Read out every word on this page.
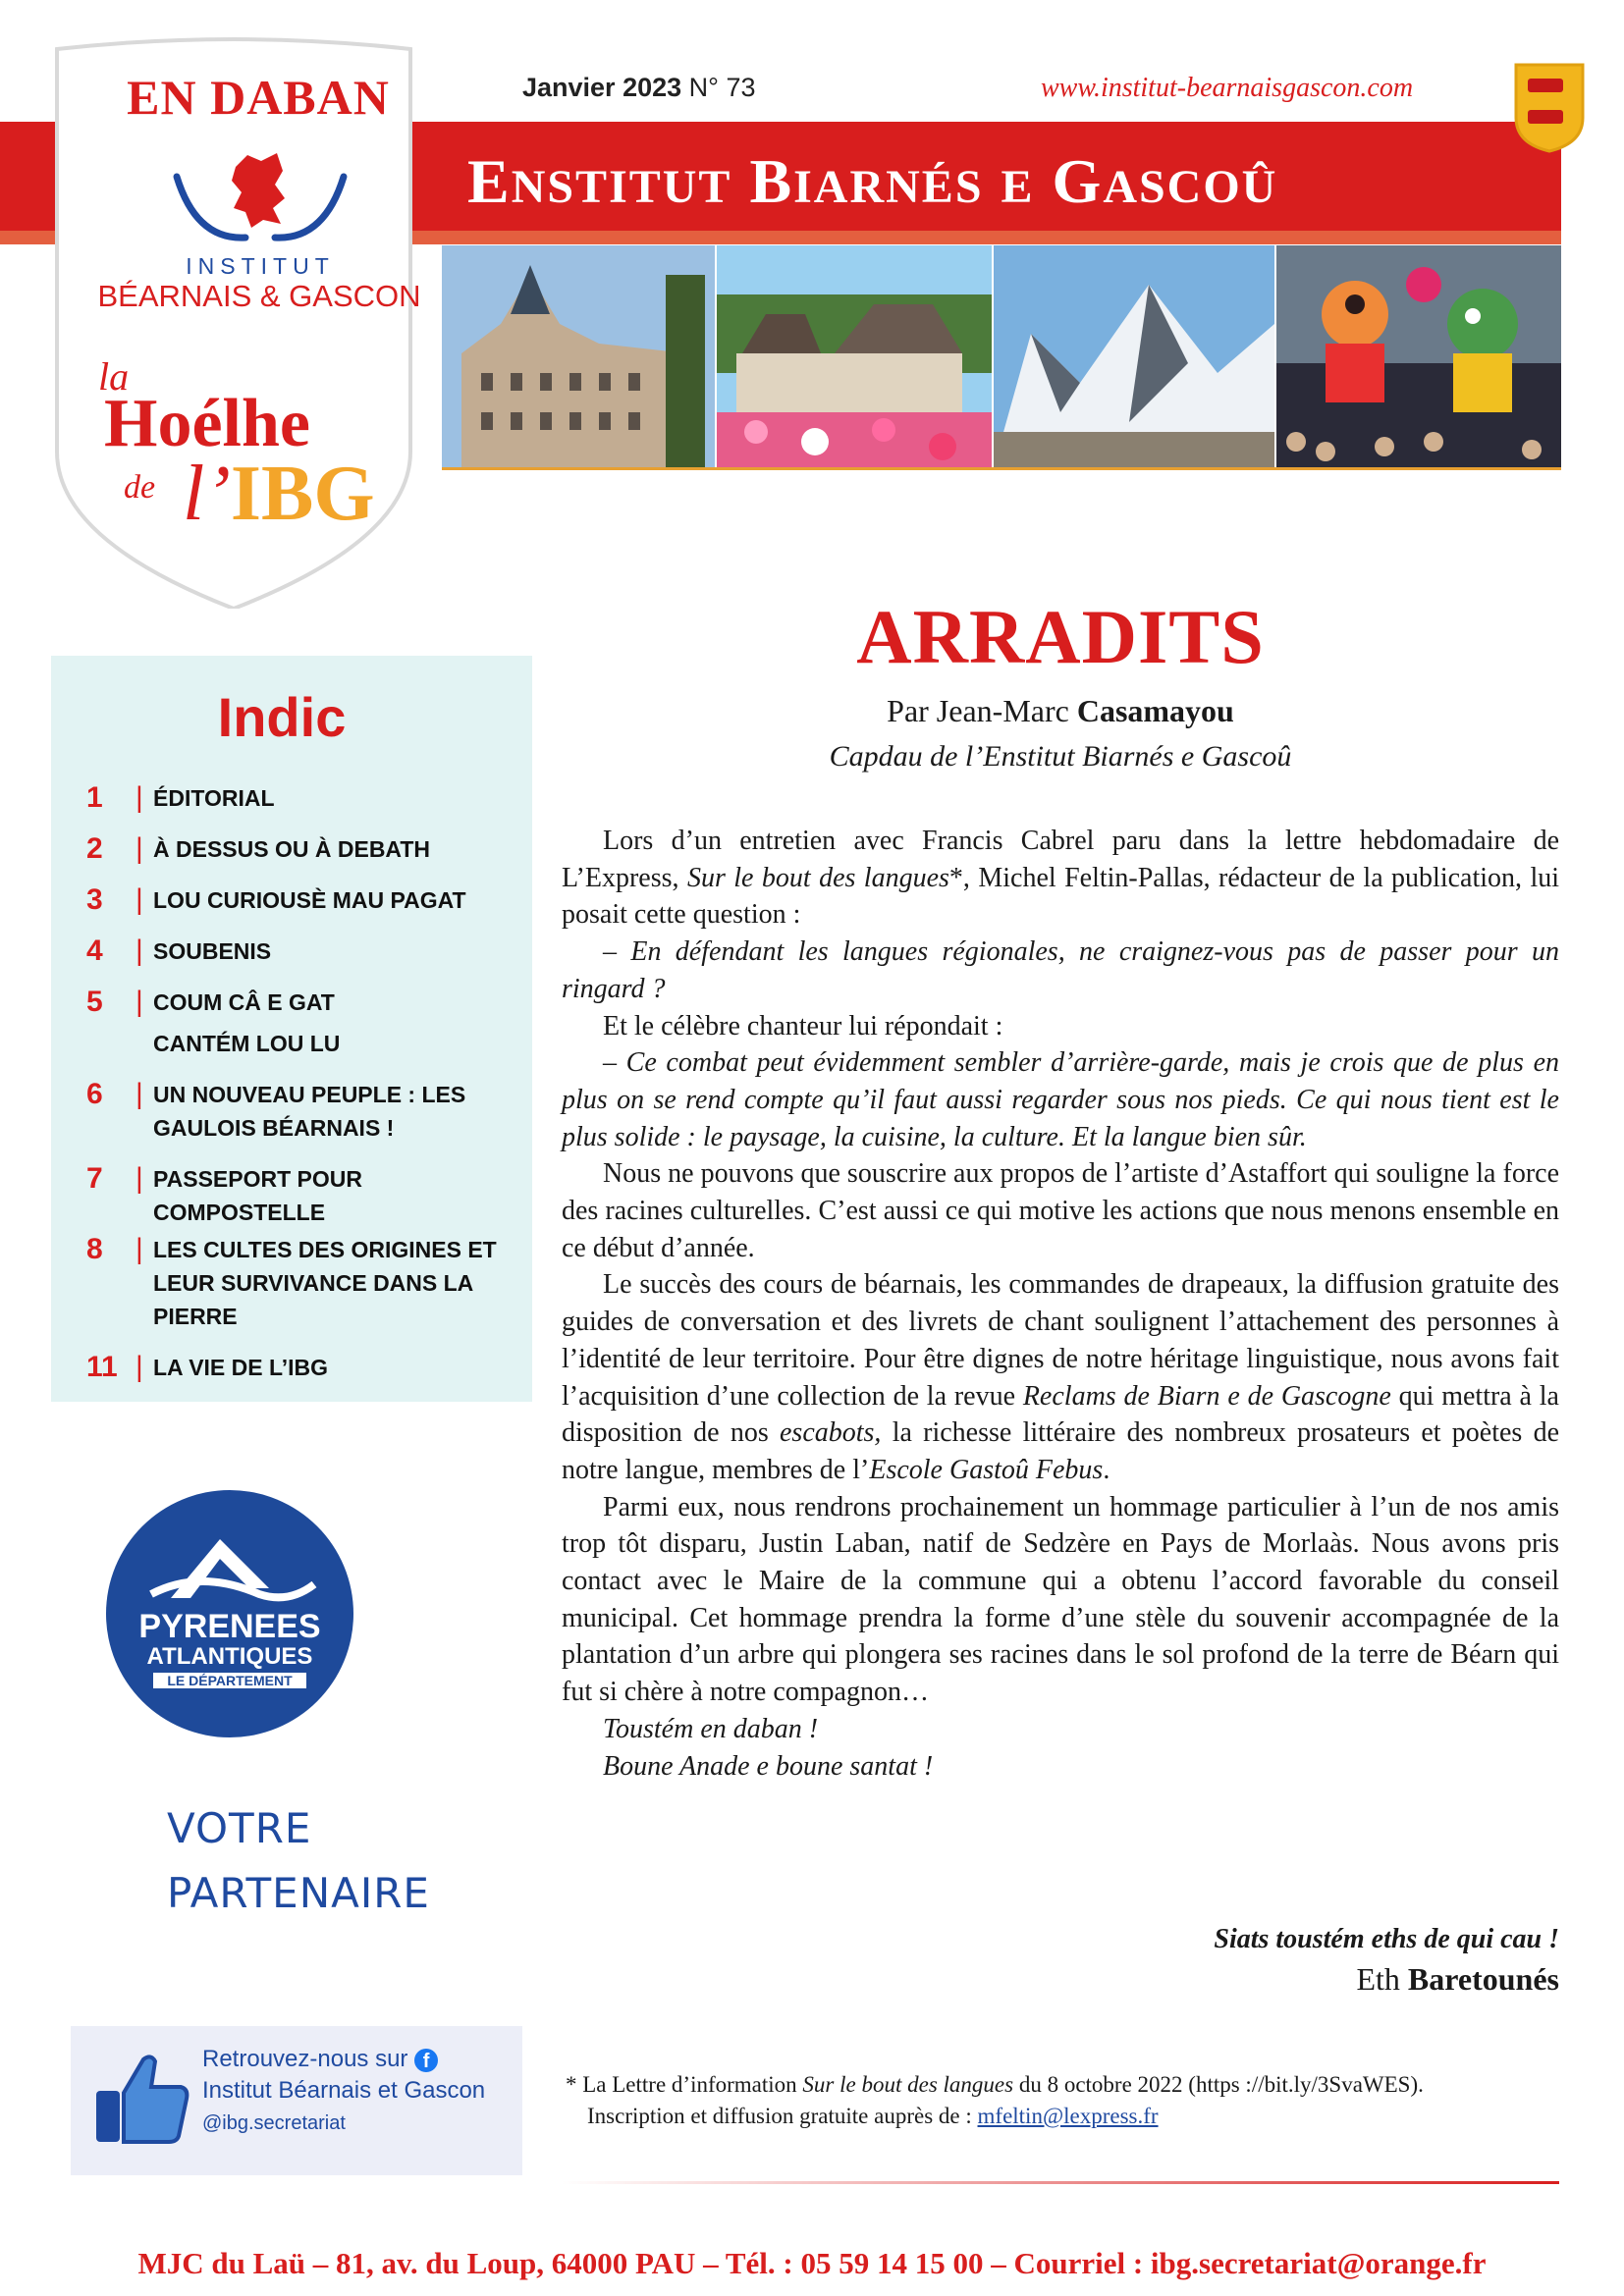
EN DABAN
INSTITUT
BÉARNAIS & GASCON
la
Hoélhe
de l’IBG
Janvier 2023 N° 73	www.institut-bearnaisgascon.com
ENSTITUT BIARNÉS E GASCOÛ
Indic
1	| ÉDITORIAL
2	| À DESSUS OU À DEBATH
3	| LOU CURIOUSÈ MAU PAGAT
4	| SOUBENIS
5	| COUM CÂ E GAT
CANTÉM LOU LU
6	| UN NOUVEAU PEUPLE : LES GAULOIS BÉARNAIS !
7	| PASSEPORT POUR COMPOSTELLE
8	| LES CULTES DES ORIGINES ET LEUR SURVIVANCE DANS LA PIERRE
11 | LA VIE DE L’IBG
PYRENEES
ATLANTIQUES
LE DÉPARTEMENT
VOTRE
PARTENAIRE
Retrouvez-nous sur f
Institut Béarnais et Gascon
@ibg.secretariat
ARRADITS
Par Jean-Marc Casamayou
Capdau de l’Enstitut Biarnés e Gascoû

Lors d’un entretien avec Francis Cabrel paru dans la lettre hebdomadaire de L’Express, Sur le bout des langues*, Michel Feltin-Pallas, rédacteur de la publication, lui posait cette question :

– En défendant les langues régionales, ne craignez-vous pas de passer pour un ringard ?

Et le célèbre chanteur lui répondait :

– Ce combat peut évidemment sembler d’arrière-garde, mais je crois que de plus en plus on se rend compte qu’il faut aussi regarder sous nos pieds. Ce qui nous tient est le plus solide : le paysage, la cuisine, la culture. Et la langue bien sûr.

Nous ne pouvons que souscrire aux propos de l’artiste d’Astaffort qui souligne la force des racines culturelles. C’est aussi ce qui motive les actions que nous menons ensemble en ce début d’année.

Le succès des cours de béarnais, les commandes de drapeaux, la diffusion gratuite des guides de conversation et des livrets de chant soulignent l’attachement des personnes à l’identité de leur territoire. Pour être dignes de notre héritage linguistique, nous avons fait l’acquisition d’une collection de la revue Reclams de Biarn e de Gascogne qui mettra à la disposition de nos escabots, la richesse littéraire des nombreux prosateurs et poètes de notre langue, membres de l’Escole Gastoû Febus.

Parmi eux, nous rendrons prochainement un hommage particulier à l’un de nos amis trop tôt disparu, Justin Laban, natif de Sedzère en Pays de Morlaàs. Nous avons pris contact avec le Maire de la commune qui a obtenu l’accord favorable du conseil municipal. Cet hommage prendra la forme d’une stèle du souvenir accompagnée de la plantation d’un arbre qui plongera ses racines dans le sol profond de la terre de Béarn qui fut si chère à notre compagnon…

Toustém en daban !

Boune Anade e boune santat !

Siats toustém eths de qui cau !
Eth Baretounés
* La Lettre d’information Sur le bout des langues du 8 octobre 2022 (https ://bit.ly/3SvaWES).
Inscription et diffusion gratuite auprès de : mfeltin@lexpress.fr
MJC du Laü – 81, av. du Loup, 64000 PAU – Tél. : 05 59 14 15 00 – Courriel : ibg.secretariat@orange.fr
